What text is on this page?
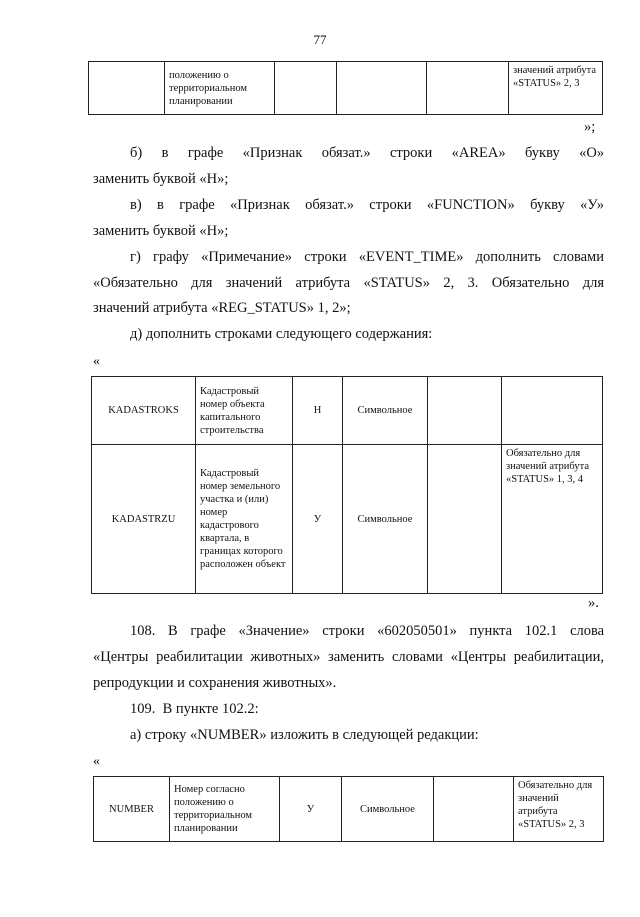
77
	положению о территориальном планировании				значений атрибута «STATUS» 2, 3
»;
б) в графе «Признак обязат.» строки «AREA» букву «О»
заменить буквой «Н»;
в) в графе «Признак обязат.» строки «FUNCTION» букву «У»
заменить буквой «Н»;
г) графу «Примечание» строки «EVENT_TIME» дополнить словами
«Обязательно для значений атрибута «STATUS» 2, 3. Обязательно для
значений атрибута «REG_STATUS» 1, 2»;
д) дополнить строками следующего содержания:
«
KADASTROKS	Кадастровый номер объекта капитального строительства	Н	Символьное		
KADASTRZU	Кадастровый номер земельного участка и (или) номер кадастрового квартала, в границах которого расположен объект	У	Символьное		Обязательно для значений атрибута «STATUS» 1, 3, 4
».
108. В графе «Значение» строки «602050501» пункта 102.1 слова
«Центры реабилитации животных» заменить словами «Центры реабилитации,
репродукции и сохранения животных».
109.  В пункте 102.2:
а) строку «NUMBER» изложить в следующей редакции:
«
NUMBER	Номер согласно положению о территориальном планировании	У	Символьное		Обязательно для значений атрибута «STATUS» 2, 3
